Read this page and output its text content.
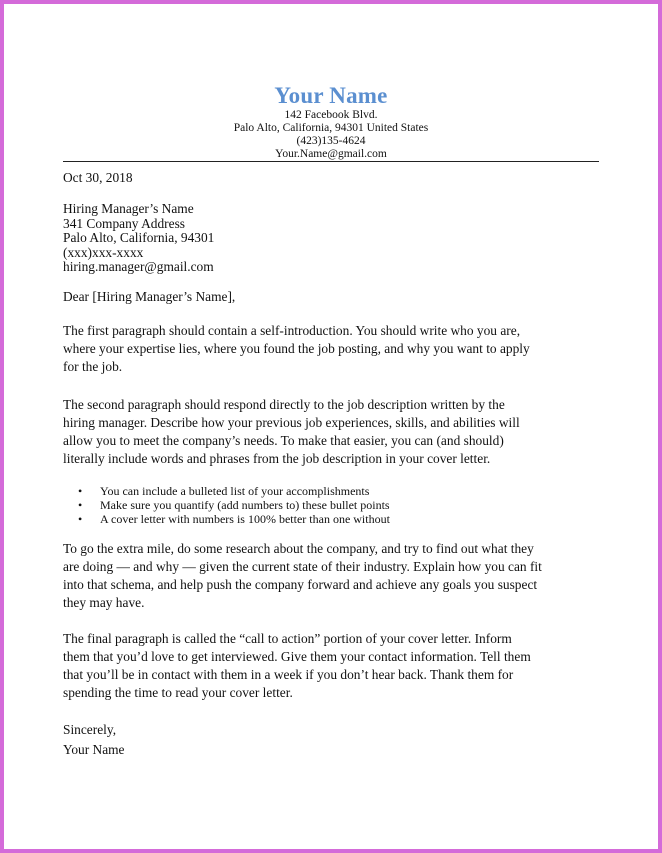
Your Name
142 Facebook Blvd.
Palo Alto, California, 94301 United States
(423)135-4624
Your.Name@gmail.com
Oct 30, 2018
Hiring Manager’s Name
341 Company Address
Palo Alto, California, 94301
(xxx)xxx-xxxx
hiring.manager@gmail.com
Dear [Hiring Manager’s Name],
The first paragraph should contain a self-introduction. You should write who you are,
where your expertise lies, where you found the job posting, and why you want to apply
for the job.
The second paragraph should respond directly to the job description written by the
hiring manager. Describe how your previous job experiences, skills, and abilities will
allow you to meet the company’s needs. To make that easier, you can (and should)
literally include words and phrases from the job description in your cover letter.
• You can include a bulleted list of your accomplishments
• Make sure you quantify (add numbers to) these bullet points
• A cover letter with numbers is 100% better than one without
To go the extra mile, do some research about the company, and try to find out what they
are doing — and why — given the current state of their industry. Explain how you can fit
into that schema, and help push the company forward and achieve any goals you suspect
they may have.
The final paragraph is called the “call to action” portion of your cover letter. Inform
them that you’d love to get interviewed. Give them your contact information. Tell them
that you’ll be in contact with them in a week if you don’t hear back. Thank them for
spending the time to read your cover letter.
Sincerely,
Your Name
